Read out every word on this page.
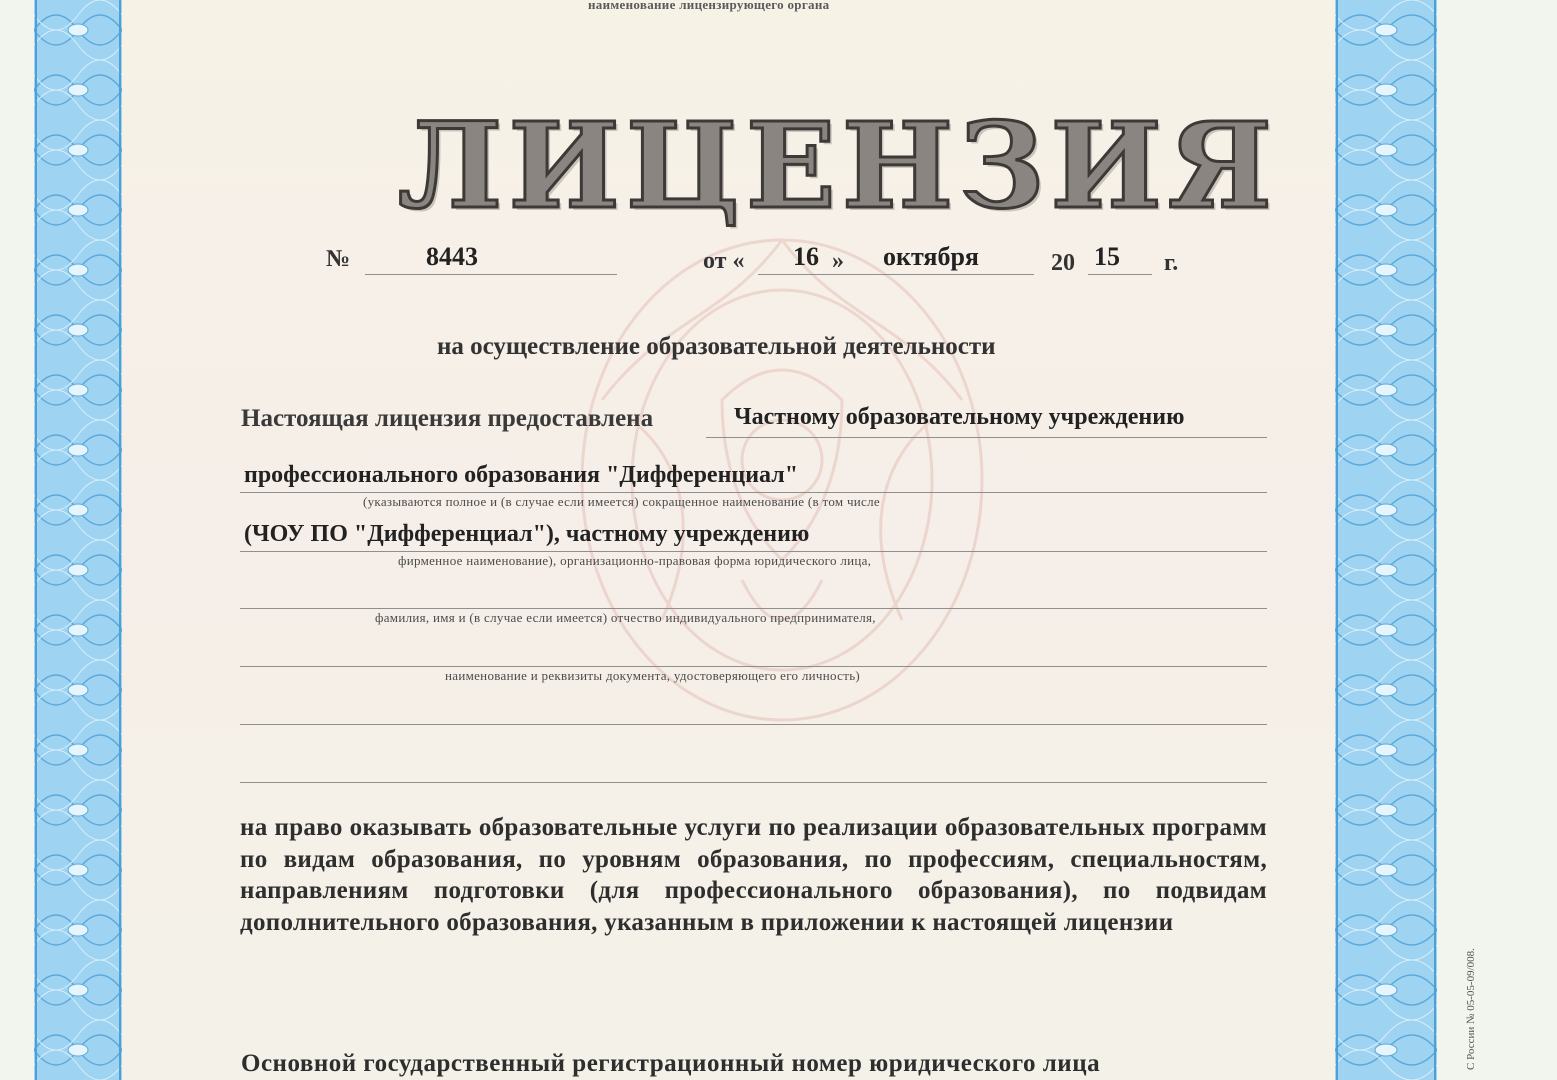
наименование лицензирующего органа
ЛИЦЕНЗИЯ
№	8443	от « 16 » октября	20 15 г.
на осуществление образовательной деятельности
Настоящая лицензия предоставлена	Частному образовательному учреждению
профессионального образования "Дифференциал"
(указываются полное и (в случае если имеется) сокращенное наименование (в том числе
(ЧОУ ПО "Дифференциал"), частному учреждению
фирменное наименование), организационно-правовая форма юридического лица,
фамилия, имя и (в случае если имеется) отчество индивидуального предпринимателя,
наименование и реквизиты документа, удостоверяющего его личность)
на право оказывать образовательные услуги по реализации образовательных программ по видам образования, по уровням образования, по профессиям, специальностям, направлениям подготовки (для профессионального образования), по подвидам дополнительного образования, указанным в приложении к настоящей лицензии
Основной государственный регистрационный номер юридического лица	С России № 05-05-09/008.
